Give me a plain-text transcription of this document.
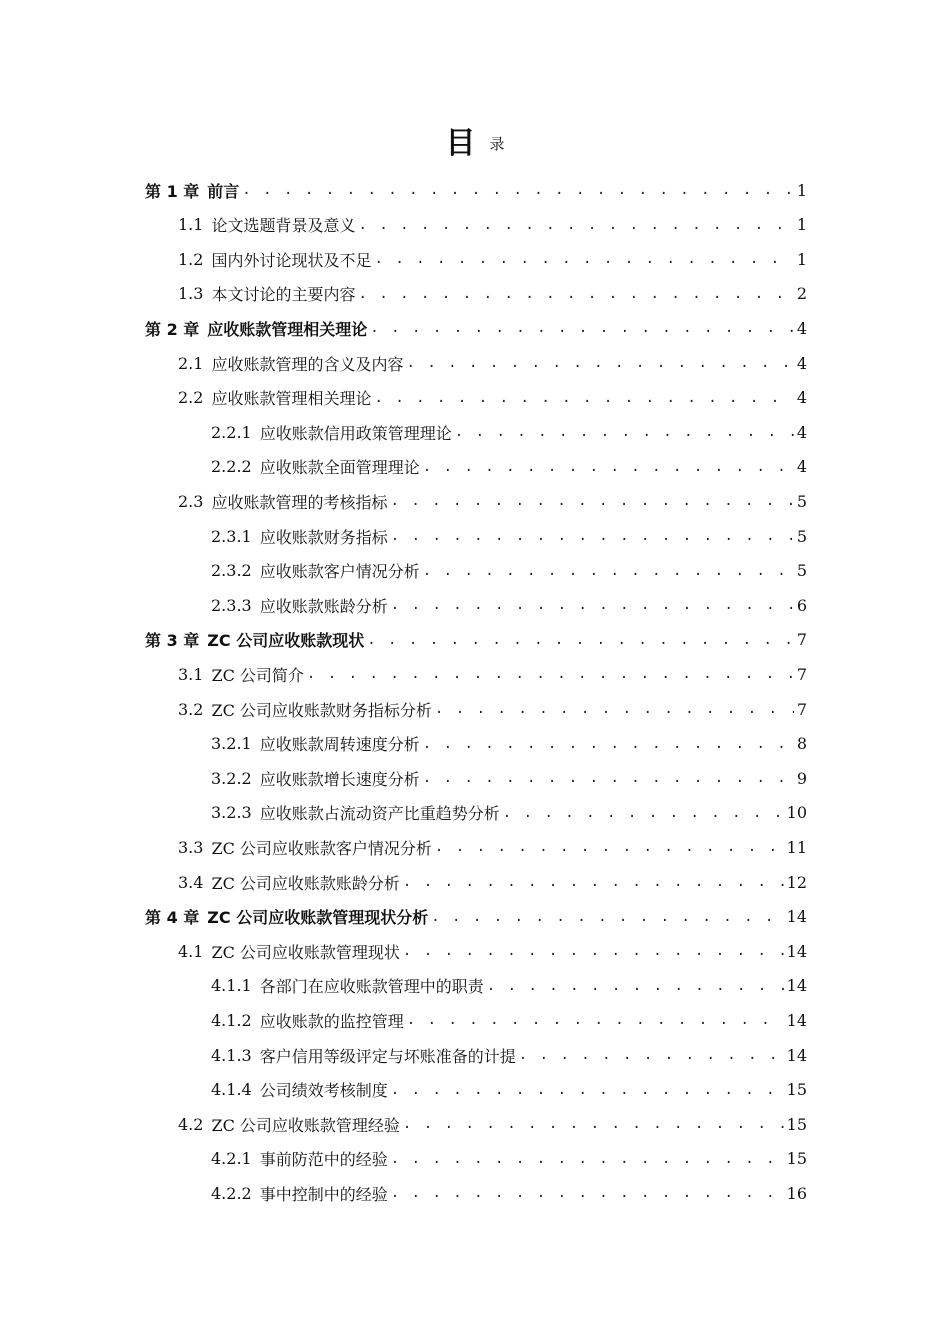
目录
第 1 章 前言 . . .	1
1.1 论文选题背景及意义 . . .	1
1.2 国内外讨论现状及不足 . . .	1
1.3 本文讨论的主要内容 . . .	2
第 2 章 应收账款管理相关理论 . . .	4
2.1 应收账款管理的含义及内容 . . .	4
2.2 应收账款管理相关理论 . . .	4
2.2.1 应收账款信用政策管理理论 . . .	4
2.2.2 应收账款全面管理理论 . . .	4
2.3 应收账款管理的考核指标 . . .	5
2.3.1 应收账款财务指标 . . .	5
2.3.2 应收账款客户情况分析 . . .	5
2.3.3 应收账款账龄分析 . . .	6
第 3 章 ZC 公司应收账款现状 . . .	7
3.1 ZC 公司简介 . . .	7
3.2 ZC 公司应收账款财务指标分析 . . .	7
3.2.1 应收账款周转速度分析 . . .	8
3.2.2 应收账款增长速度分析 . . .	9
3.2.3 应收账款占流动资产比重趋势分析 . . .	10
3.3 ZC 公司应收账款客户情况分析 . . .	11
3.4 ZC 公司应收账款账龄分析 . . .	12
第 4 章 ZC 公司应收账款管理现状分析 . . .	14
4.1 ZC 公司应收账款管理现状 . . .	14
4.1.1 各部门在应收账款管理中的职责 . . .	14
4.1.2 应收账款的监控管理 . . .	14
4.1.3 客户信用等级评定与坏账准备的计提 . . .	14
4.1.4 公司绩效考核制度 . . .	15
4.2 ZC 公司应收账款管理经验 . . .	15
4.2.1 事前防范中的经验 . . .	15
4.2.2 事中控制中的经验 . . .	16
